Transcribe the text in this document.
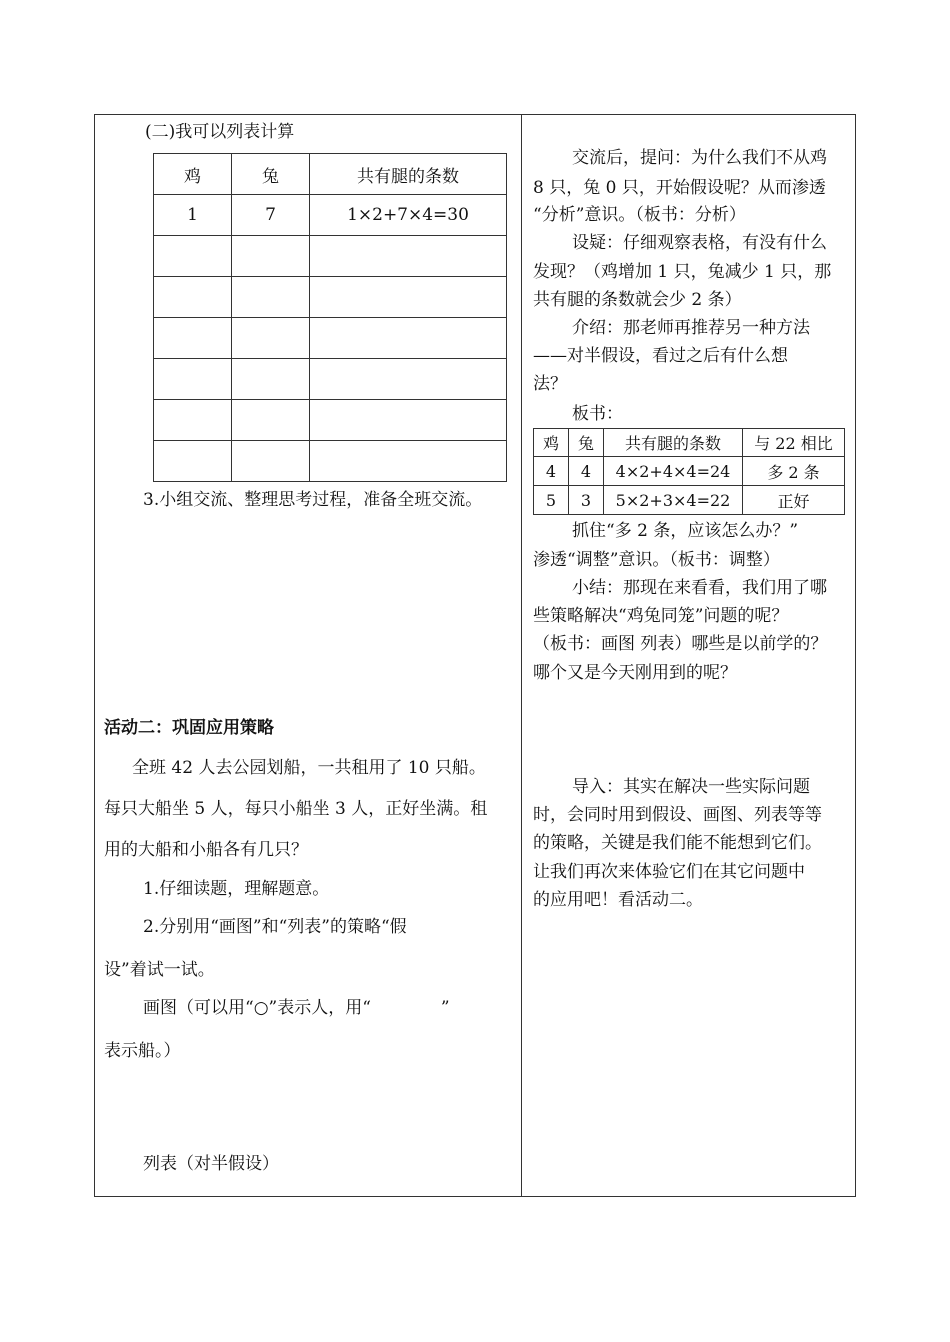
(二)我可以列表计算
鸡	兔	共有腿的条数
1	7	1×2+7×4=30

3.小组交流、整理思考过程，准备全班交流。
活动二：巩固应用策略
全班 42 人去公园划船，一共租用了 10 只船。
每只大船坐 5 人，每只小船坐 3 人，正好坐满。租
用的大船和小船各有几只？
1.仔细读题，理解题意。
2.分别用“画图”和“列表”的策略“假
设”着试一试。
画图（可以用“○”表示人，用“	”
表示船。）
列表（对半假设）
交流后，提问：为什么我们不从鸡
8 只，兔 0 只，开始假设呢？从而渗透
“分析”意识。（板书：分析）
设疑：仔细观察表格，有没有什么
发现？（鸡增加 1 只，兔减少 1 只，那
共有腿的条数就会少 2 条）
介绍：那老师再推荐另一种方法
——对半假设，看过之后有什么想
法？
板书：
鸡	兔	共有腿的条数	与 22 相比
4	4	4×2+4×4=24	多 2 条
5	3	5×2+3×4=22	正好
抓住“多 2 条，应该怎么办？”
渗透“调整”意识。（板书：调整）
小结：那现在来看看，我们用了哪
些策略解决“鸡兔同笼”问题的呢？
（板书：画图 列表）哪些是以前学的？
哪个又是今天刚用到的呢？
导入：其实在解决一些实际问题
时，会同时用到假设、画图、列表等等
的策略，关键是我们能不能想到它们。
让我们再次来体验它们在其它问题中
的应用吧！看活动二。
